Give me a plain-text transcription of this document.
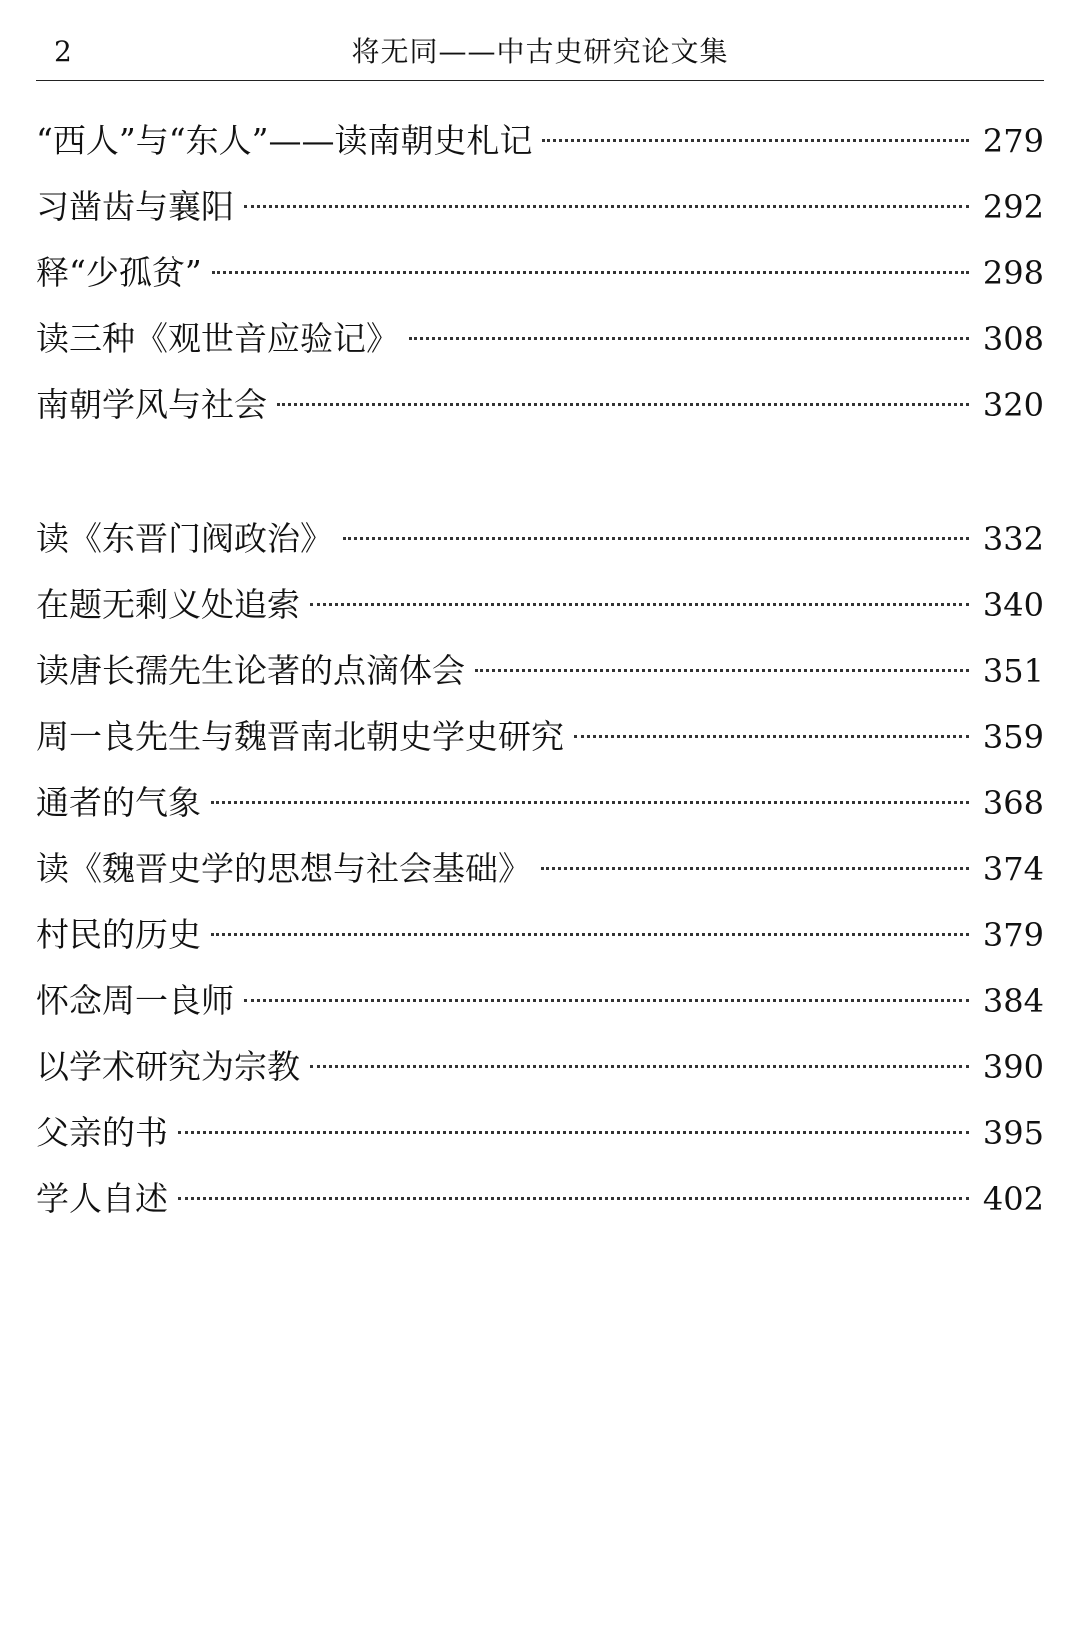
2	将无同——中古史研究论文集
“西人”与“东人”——读南朝史札记	279
习凿齿与襄阳	292
释“少孤贫”	298
读三种《观世音应验记》	308
南朝学风与社会	320
读《东晋门阀政治》	332
在题无剩义处追索	340
读唐长孺先生论著的点滴体会	351
周一良先生与魏晋南北朝史学史研究	359
通者的气象	368
读《魏晋史学的思想与社会基础》	374
村民的历史	379
怀念周一良师	384
以学术研究为宗教	390
父亲的书	395
学人自述	402
